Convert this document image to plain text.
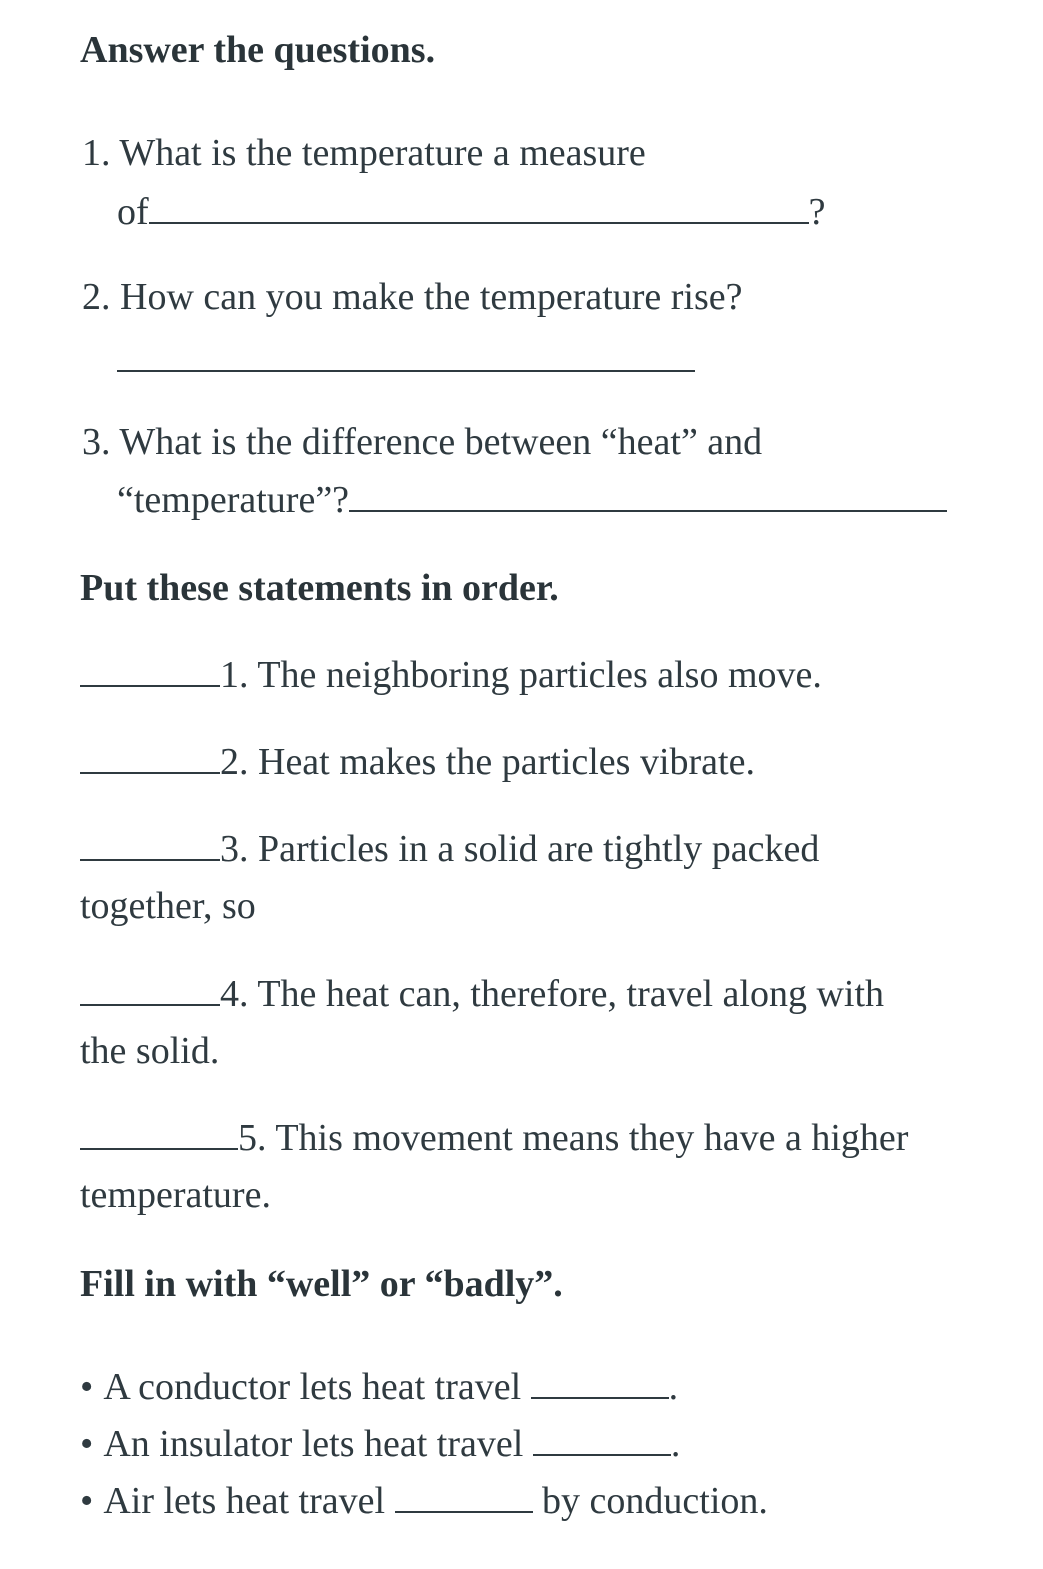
Answer the questions.
1. What is the temperature a measure
of	?
2. How can you make the temperature rise?
3. What is the difference between “heat” and
“temperature”?
Put these statements in order.
1. The neighboring particles also move.
2. Heat makes the particles vibrate.
3. Particles in a solid are tightly packed
together, so
4. The heat can, therefore, travel along with
the solid.
5. This movement means they have a higher
temperature.
Fill in with “well” or “badly”.
• A conductor lets heat travel	.
• An insulator lets heat travel	.
• Air lets heat travel	by conduction.
